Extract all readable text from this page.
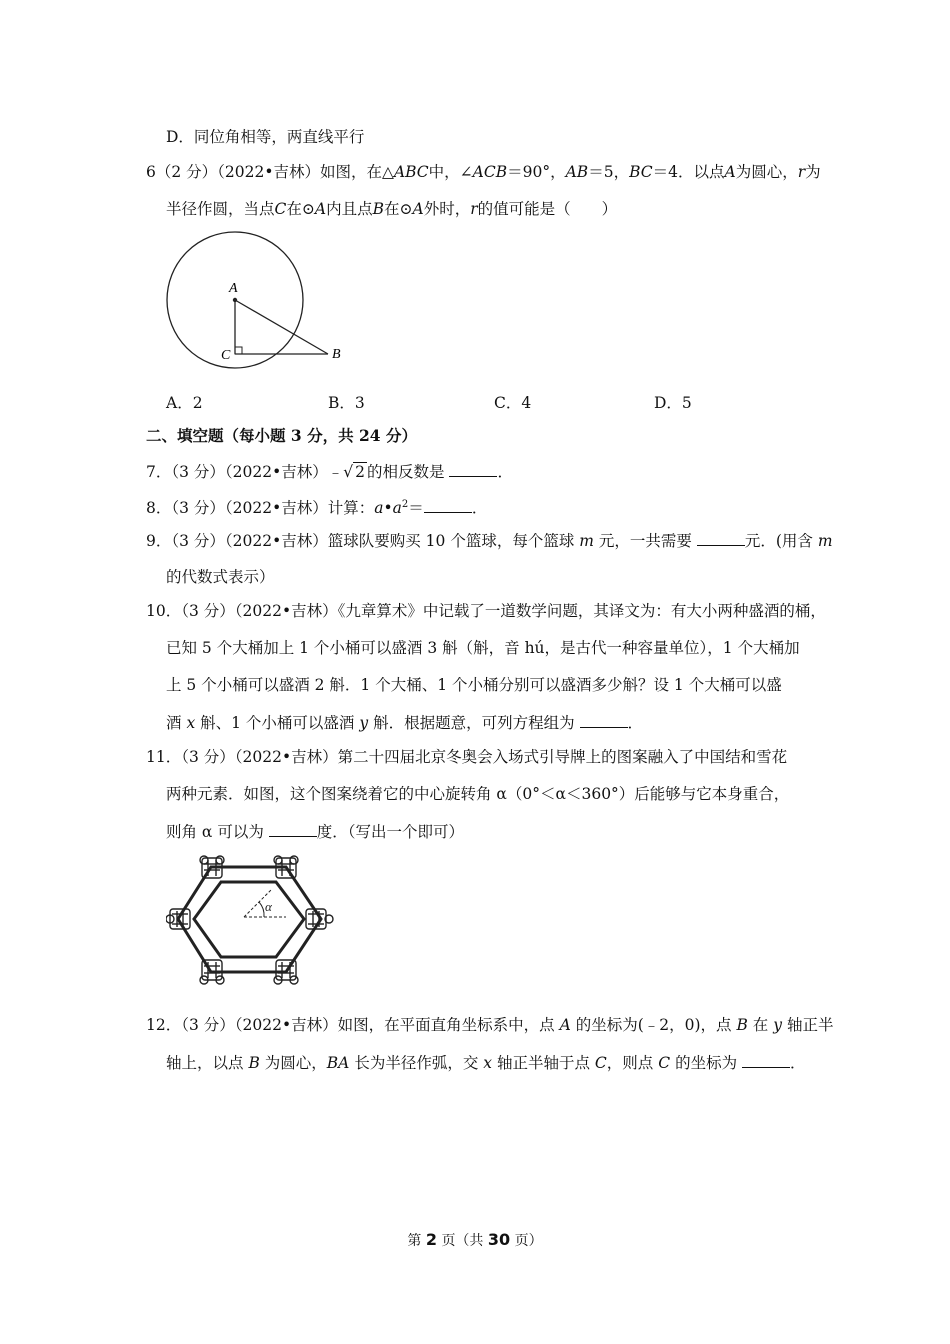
D．同位角相等，两直线平行
6（2 分）（2022•吉林）如图，在△ABC中，∠ACB＝90°，AB＝5，BC＝4．以点A为圆心，r为
半径作圆，当点C在⊙A内且点B在⊙A外时，r的值可能是（　　）
A
B
C
A．2	B．3	C．4	D．5
二、填空题（每小题 3 分，共 24 分）
7．（3 分）（2022•吉林）﹣√ 2 的相反数是	．
8．（3 分）（2022•吉林）计算：$a•a^2=$	．
9．（3 分）（2022•吉林）篮球队要购买 10 个篮球，每个篮球 m 元，一共需要	元．(用含 m
的代数式表示）
10．（3 分）（2022•吉林）《九章算术》中记载了一道数学问题，其译文为：有大小两种盛酒的桶，
已知 5 个大桶加上 1 个小桶可以盛酒 3 斛（斛，音 hú，是古代一种容量单位），1 个大桶加
上 5 个小桶可以盛酒 2 斛．1 个大桶、1 个小桶分别可以盛酒多少斛？设 1 个大桶可以盛
酒 x 斛、1 个小桶可以盛酒 y 斛．根据题意，可列方程组为	．
11．（3 分）（2022•吉林）第二十四届北京冬奥会入场式引导牌上的图案融入了中国结和雪花
两种元素．如图，这个图案绕着它的中心旋转角 α（0°＜α＜360°）后能够与它本身重合，
则角 α 可以为	度．（写出一个即可）
α
12．（3 分）（2022•吉林）如图，在平面直角坐标系中，点 A 的坐标为(﹣2，0)，点 B 在 y 轴正半
轴上，以点 B 为圆心，BA 长为半径作弧，交 x 轴正半轴于点 C，则点 C 的坐标为	．
第 2 页（共 30 页）
